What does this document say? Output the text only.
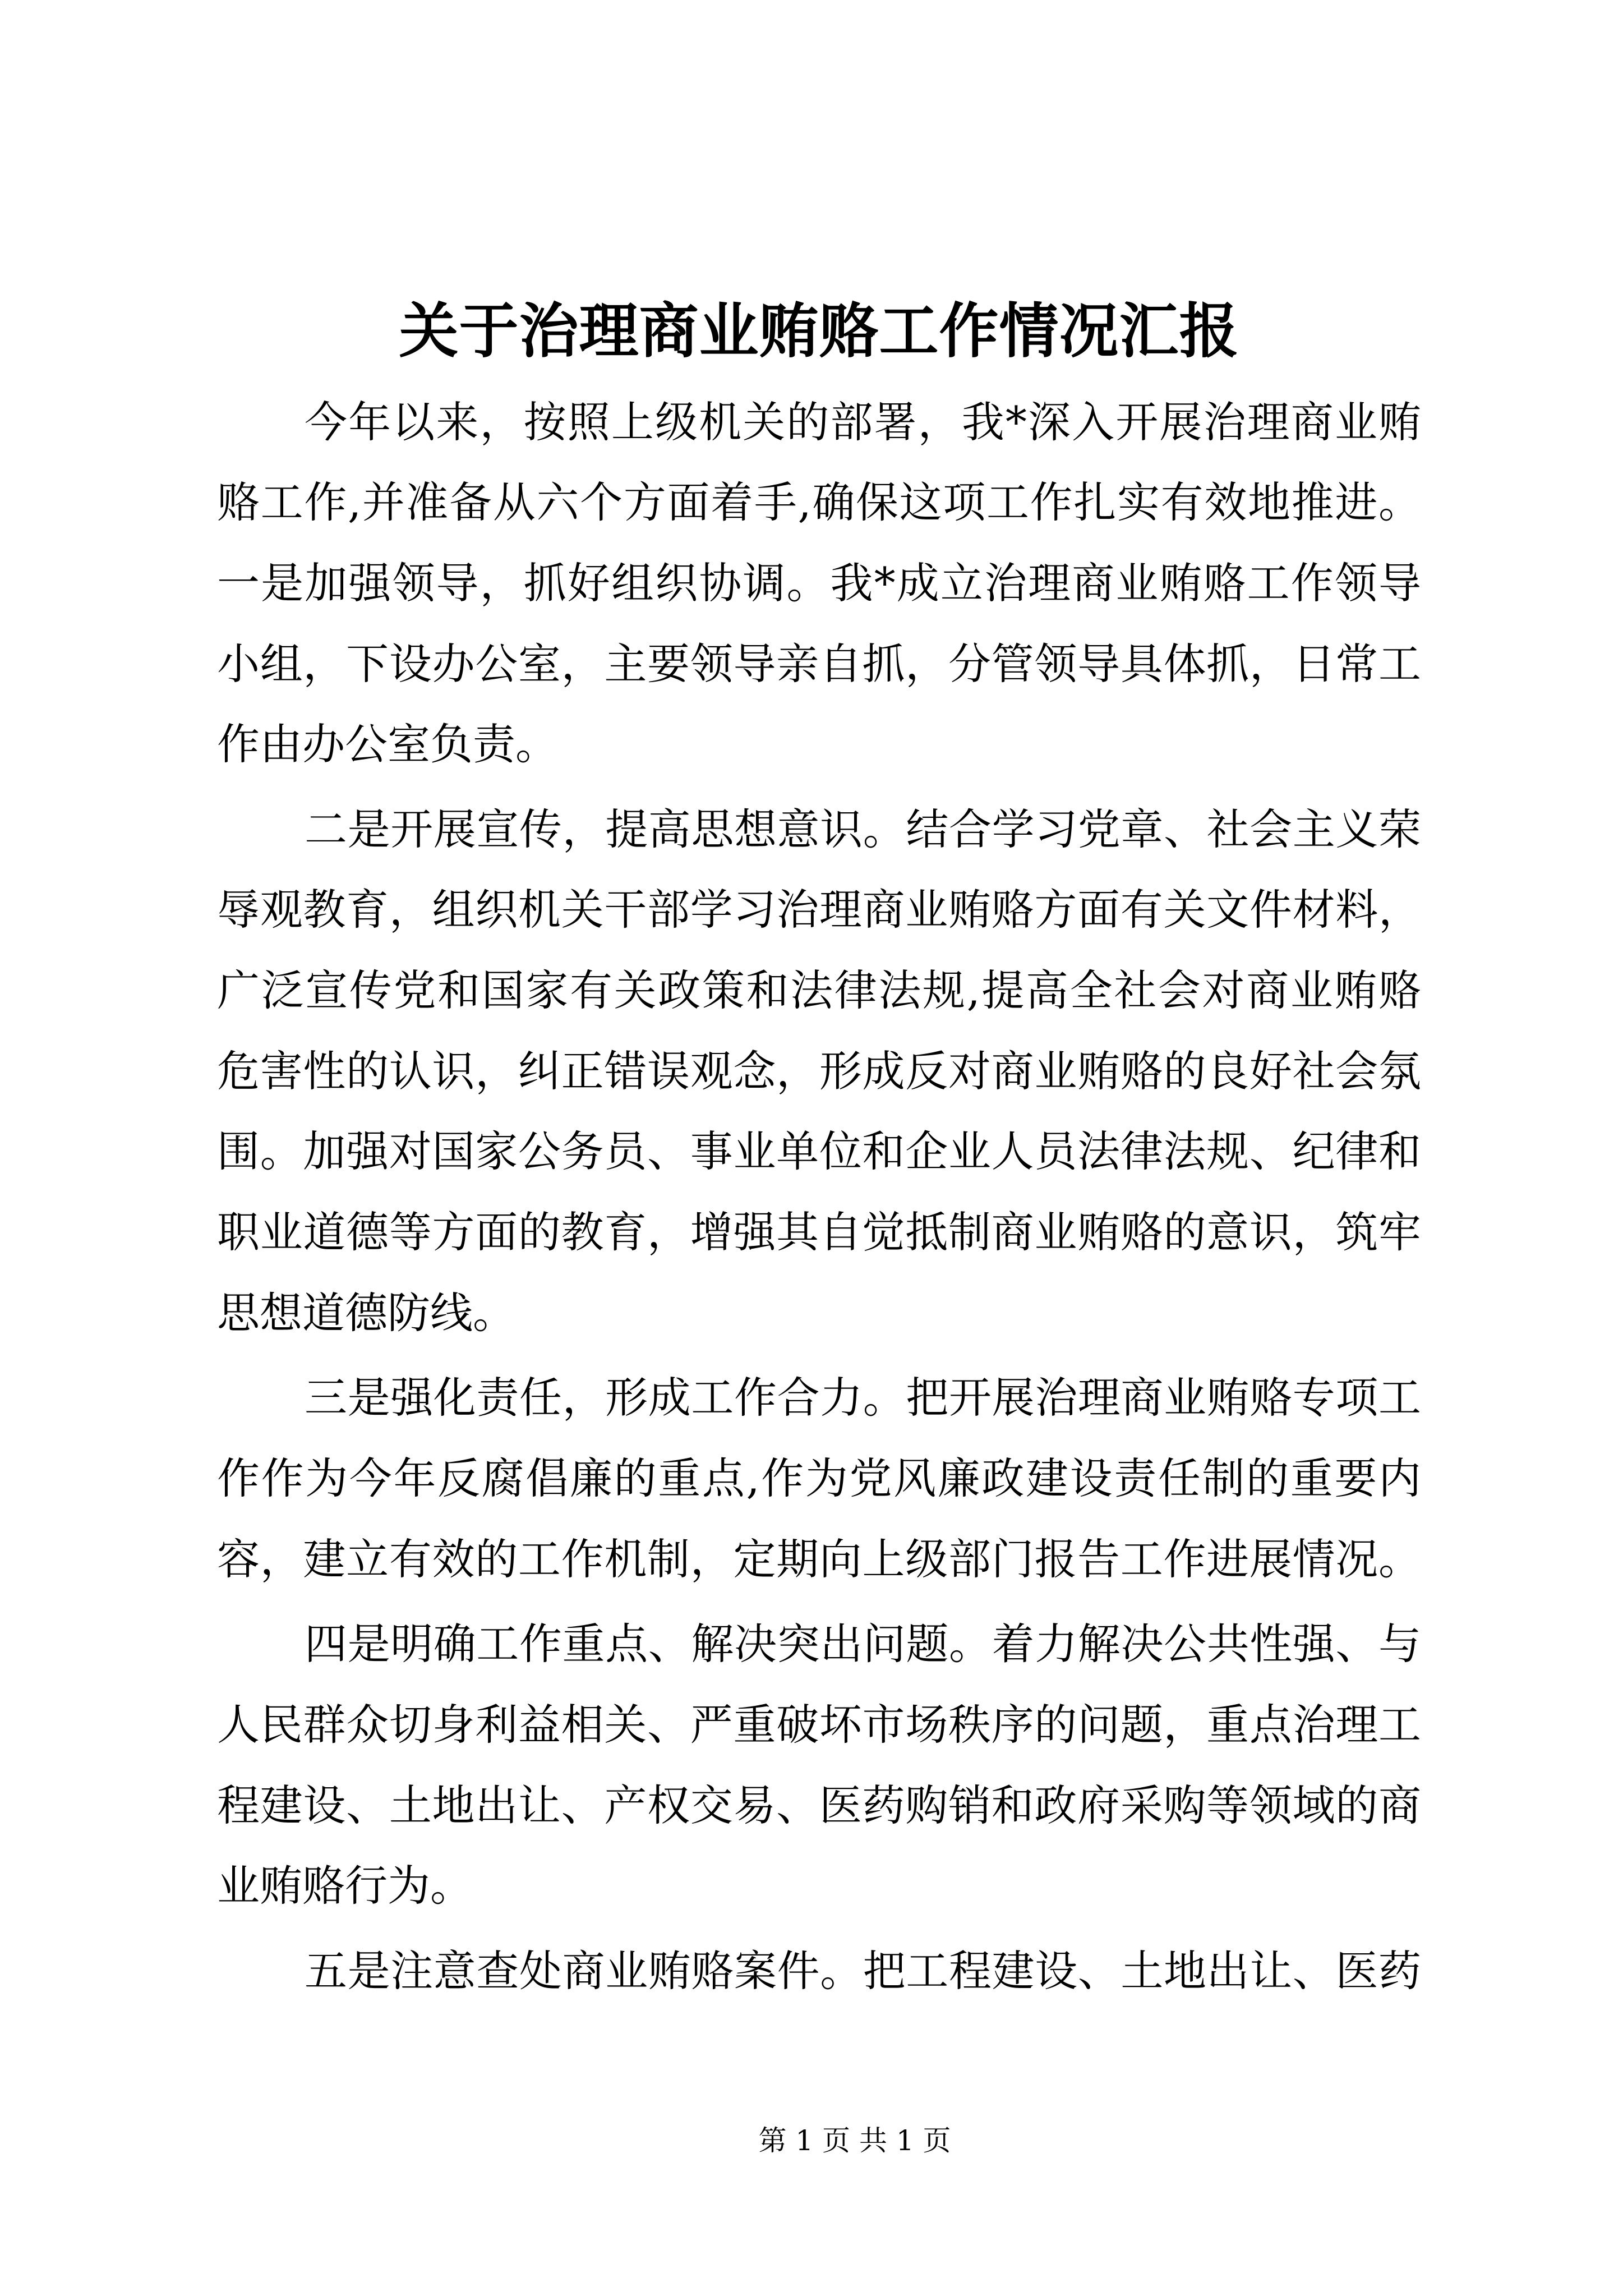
关于治理商业贿赂工作情况汇报
今年以来，按照上级机关的部署，我*深入开展治理商业贿
赂工作,并准备从六个方面着手,确保这项工作扎实有效地推进。
一是加强领导，抓好组织协调。我*成立治理商业贿赂工作领导
小组，下设办公室，主要领导亲自抓，分管领导具体抓，日常工
作由办公室负责。
二是开展宣传，提高思想意识。结合学习党章、社会主义荣
辱观教育，组织机关干部学习治理商业贿赂方面有关文件材料，
广泛宣传党和国家有关政策和法律法规,提高全社会对商业贿赂
危害性的认识，纠正错误观念，形成反对商业贿赂的良好社会氛
围。加强对国家公务员、事业单位和企业人员法律法规、纪律和
职业道德等方面的教育，增强其自觉抵制商业贿赂的意识，筑牢
思想道德防线。
三是强化责任，形成工作合力。把开展治理商业贿赂专项工
作作为今年反腐倡廉的重点,作为党风廉政建设责任制的重要内
容，建立有效的工作机制，定期向上级部门报告工作进展情况。
四是明确工作重点、解决突出问题。着力解决公共性强、与
人民群众切身利益相关、严重破坏市场秩序的问题，重点治理工
程建设、土地出让、产权交易、医药购销和政府采购等领域的商
业贿赂行为。
五是注意查处商业贿赂案件。把工程建设、土地出让、医药
第 1 页 共 1 页
